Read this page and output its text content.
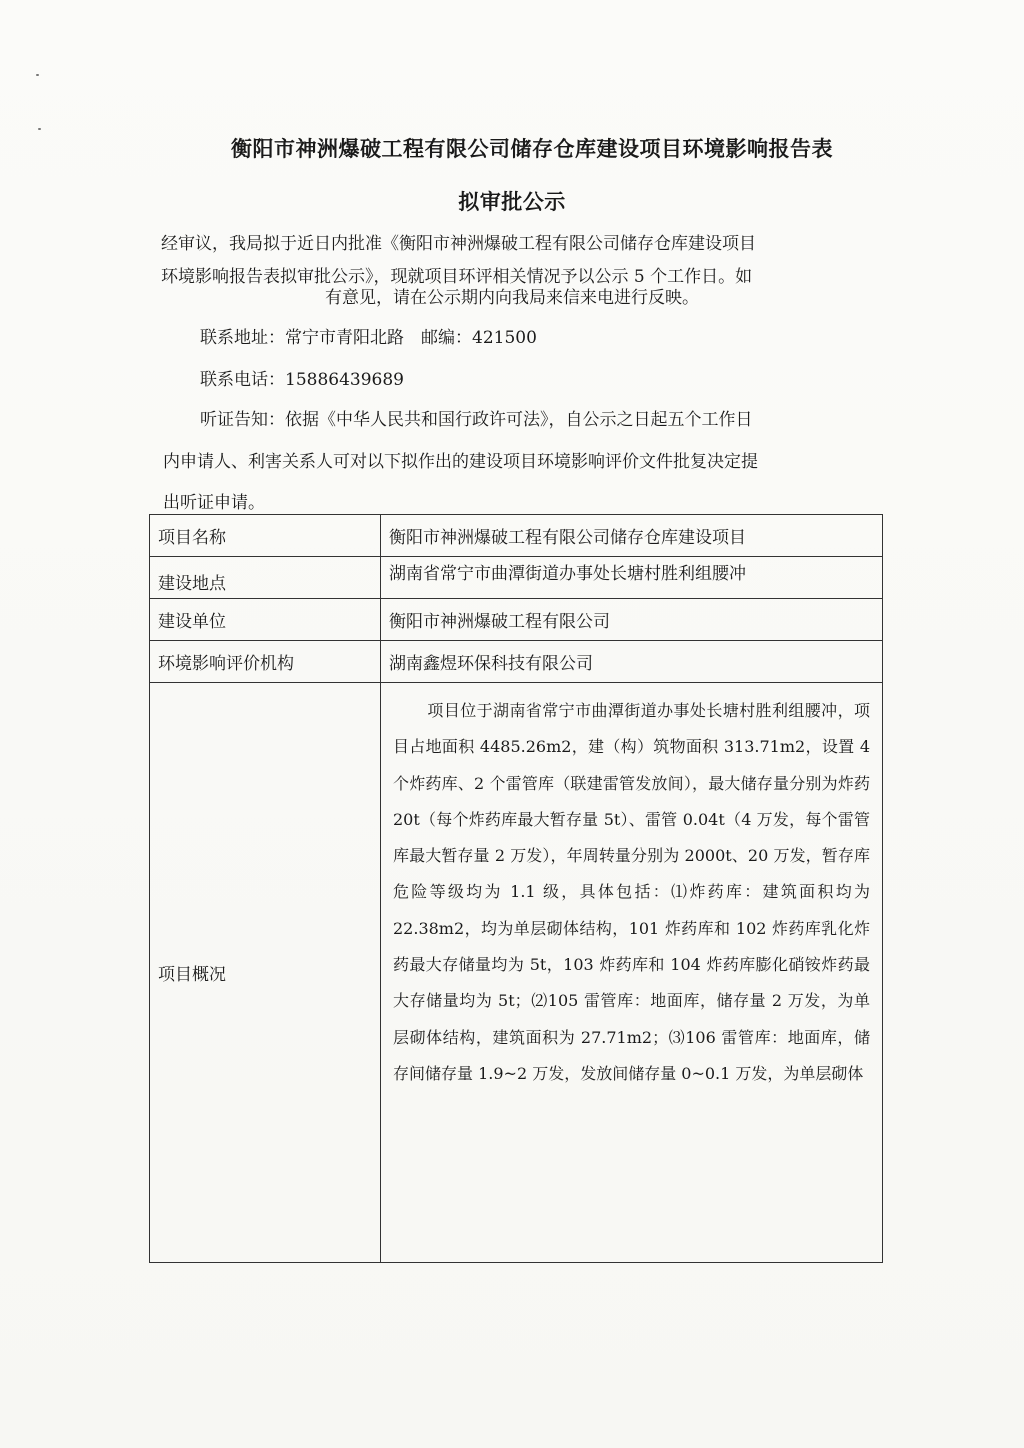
衡阳市神洲爆破工程有限公司储存仓库建设项目环境影响报告表
拟审批公示
经审议，我局拟于近日内批准《衡阳市神洲爆破工程有限公司储存仓库建设项目
环境影响报告表拟审批公示》，现就项目环评相关情况予以公示 5 个工作日。如
有意见，请在公示期内向我局来信来电进行反映。
联系地址：常宁市青阳北路　邮编：421500
联系电话：15886439689
听证告知：依据《中华人民共和国行政许可法》，自公示之日起五个工作日
内申请人、利害关系人可对以下拟作出的建设项目环境影响评价文件批复决定提
出听证申请。
项目名称	衡阳市神洲爆破工程有限公司储存仓库建设项目
建设地点	湖南省常宁市曲潭街道办事处长塘村胜利组腰冲
建设单位	衡阳市神洲爆破工程有限公司
环境影响评价机构	湖南鑫煜环保科技有限公司
项目概况	项目位于湖南省常宁市曲潭街道办事处长塘村胜利组腰冲，项目占地面积 4485.26m2，建（构）筑物面积 313.71m2，设置 4 个炸药库、2 个雷管库（联建雷管发放间），最大储存量分别为炸药 20t（每个炸药库最大暂存量 5t）、雷管 0.04t（4 万发，每个雷管库最大暂存量 2 万发），年周转量分别为 2000t、20 万发，暂存库危险等级均为 1.1 级，具体包括：⑴炸药库：建筑面积均为 22.38m2，均为单层砌体结构，101 炸药库和 102 炸药库乳化炸药最大存储量均为 5t，103 炸药库和 104 炸药库膨化硝铵炸药最大存储量均为 5t；⑵105 雷管库：地面库，储存量 2 万发，为单层砌体结构，建筑面积为 27.71m2；⑶106 雷管库：地面库，储存间储存量 1.9~2 万发，发放间储存量 0~0.1 万发，为单层砌体
